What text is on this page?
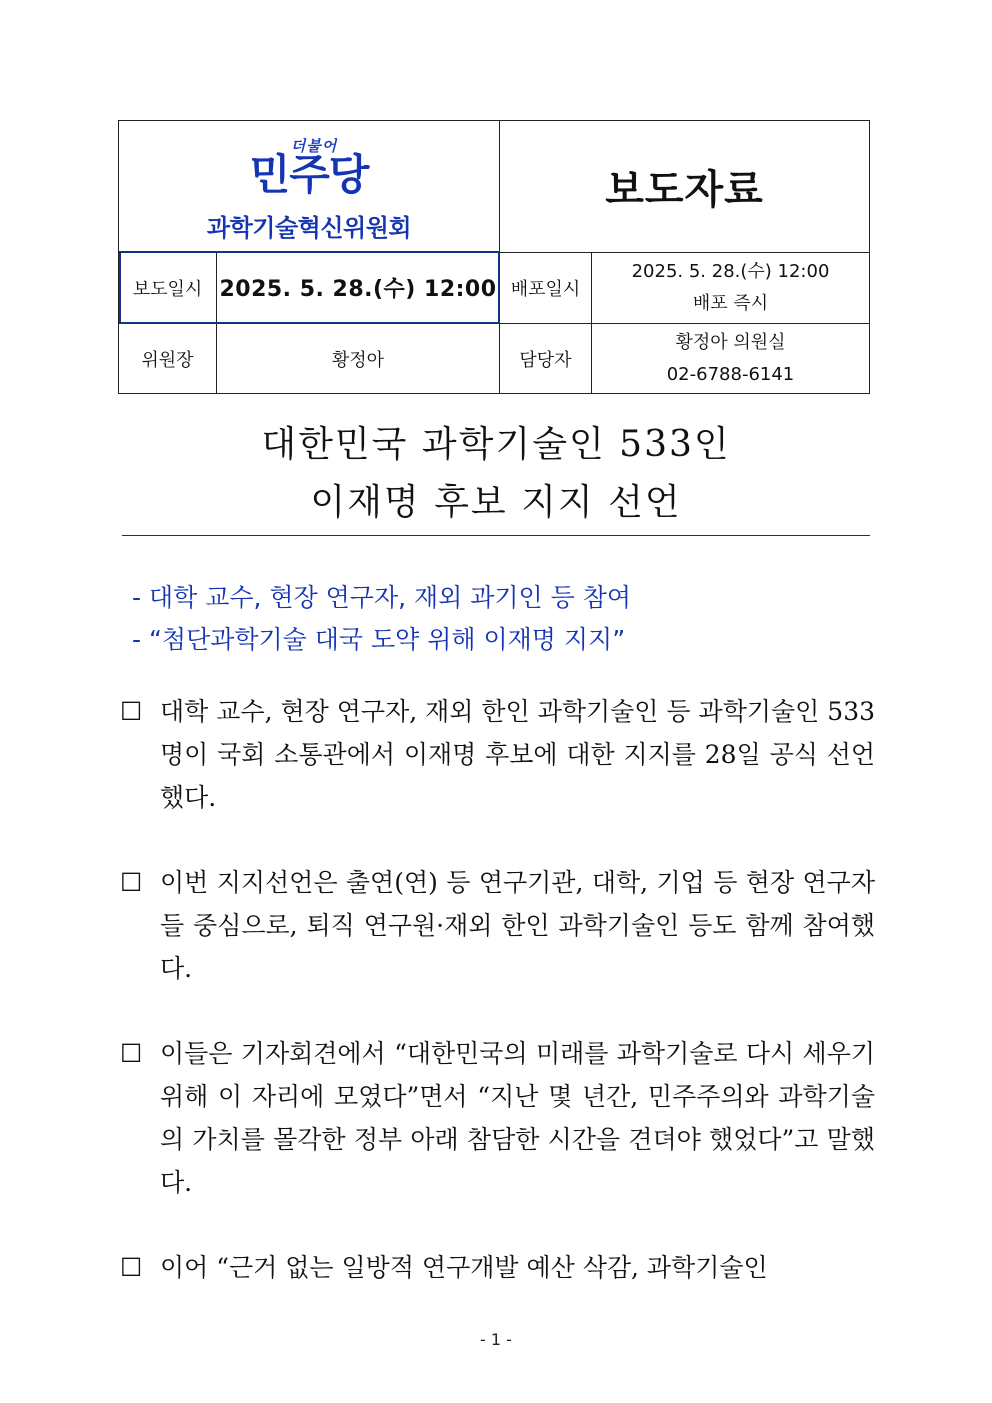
더불어
민주당
과학기술혁신위원회
보도자료
보도일시 2025. 5. 28.(수) 12:00 배포일시
2025. 5. 28.(수) 12:00
배포 즉시
위원장	황정아	담당자
황정아 의원실
02-6788-6141
대한민국 과학기술인 533인
이재명 후보 지지 선언
- 대학 교수, 현장 연구자, 재외 과기인 등 참여
- “첨단과학기술 대국 도약 위해 이재명 지지”
☐ 대학 교수, 현장 연구자, 재외 한인 과학기술인 등 과학기술인 533명이 국회 소통관에서 이재명 후보에 대한 지지를 28일 공식 선언했다.
☐ 이번 지지선언은 출연(연) 등 연구기관, 대학, 기업 등 현장 연구자들 중심으로, 퇴직 연구원·재외 한인 과학기술인 등도 함께 참여했다.
☐ 이들은 기자회견에서 “대한민국의 미래를 과학기술로 다시 세우기 위해 이 자리에 모였다”면서 “지난 몇 년간, 민주주의와 과학기술의 가치를 몰각한 정부 아래 참담한 시간을 견뎌야 했었다”고 말했다.
☐ 이어 “근거 없는 일방적 연구개발 예산 삭감, 과학기술인
- 1 -
